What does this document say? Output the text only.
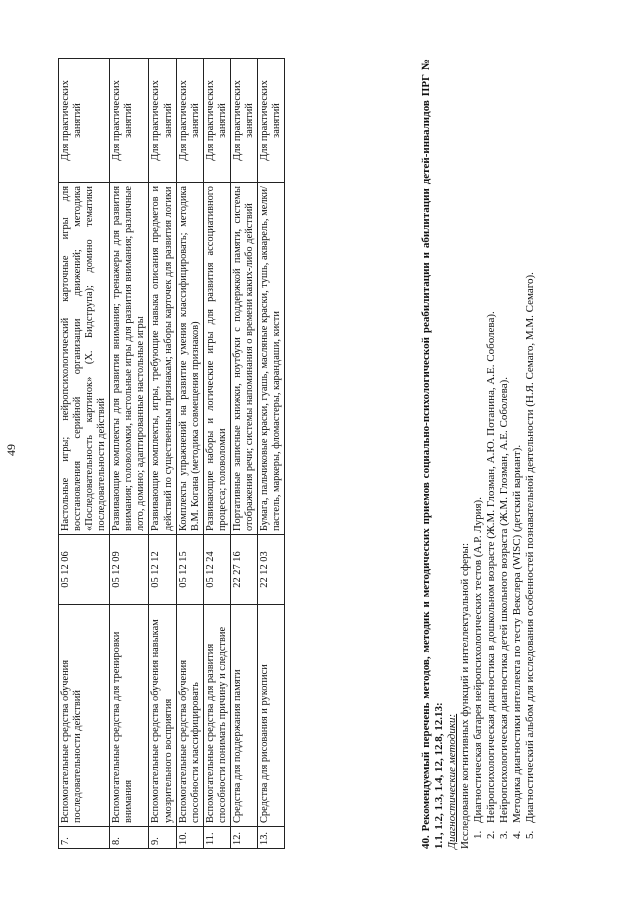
49
7.	Вспомогательные средства обучения последовательности действий	05 12 06	Настольные игры; нейропсихологический карточные игры для восстановления серийной организации движений; методика «Последовательность картинок» (Х. Бидструпа); домино тематики последовательности действий	Для практических занятий
8.	Вспомогательные средства для тренировки внимания	05 12 09	Развивающие комплекты для развития внимания; тренажеры для развития внимания; головоломки, настольные игры для развития внимания; различные лото, домино; адаптированные настольные игры	Для практических занятий
9.	Вспомогательные средства обучения навыкам умозрительного восприятия	05 12 12	Развивающие комплекты, игры, требующие навыка описания предметов и действий по существенным признакам; наборы карточек для развития логики	Для практических занятий
10.	Вспомогательные средства обучения способности классифицировать	05 12 15	Комплекты упражнений на развитие умения классифицировать; методика В.М. Когана (методика совмещения признаков)	Для практических занятий
11.	Вспомогательные средства для развития способности понимать причину и следствие	05 12 24	Развивающие наборы и логические игры для развития ассоциативного процесса; головоломки	Для практических занятий
12.	Средства для поддержания памяти	22 27 16	Портативные записные книжки, ноутбуки с поддержкой памяти, системы отображения речи; системы напоминания о времени каких-либо действий	Для практических занятий
13.	Средства для рисования и рукописи	22 12 03	Бумага, пальчиковые краски, гуашь, масляные краски, тушь, акварель, мелки/пастель, маркеры, фломастеры, карандаши, кисти	Для практических занятий	40. Рекомендуемый перечень методов, методик и методических приемов социально-психологической реабилитации и абилитации детей-инвалидов ПРГ № 1.1, 1.2, 1.3, 1.4, 12, 12.8, 12.13: Диагностические методики: Исследование когнитивных функций и интеллектуальной сферы: 1.Диагностическая батарея нейропсихологических тестов (А.Р. Лурия).
2.Нейропсихологическая диагностика в дошкольном возрасте (Ж.М. Глозман, А.Ю. Потанина, А.Е. Соболева).
3.Нейропсихологическая диагностика детей школьного возраста (Ж.М. Глозман, А.Е. Соболева).
4.Методика диагностики интеллекта по тесту Векслера (WISC) (детский вариант).
5.Диагностический альбом для исследования особенностей познавательной деятельности (Н.Я. Семаго, М.М. Семаго).
